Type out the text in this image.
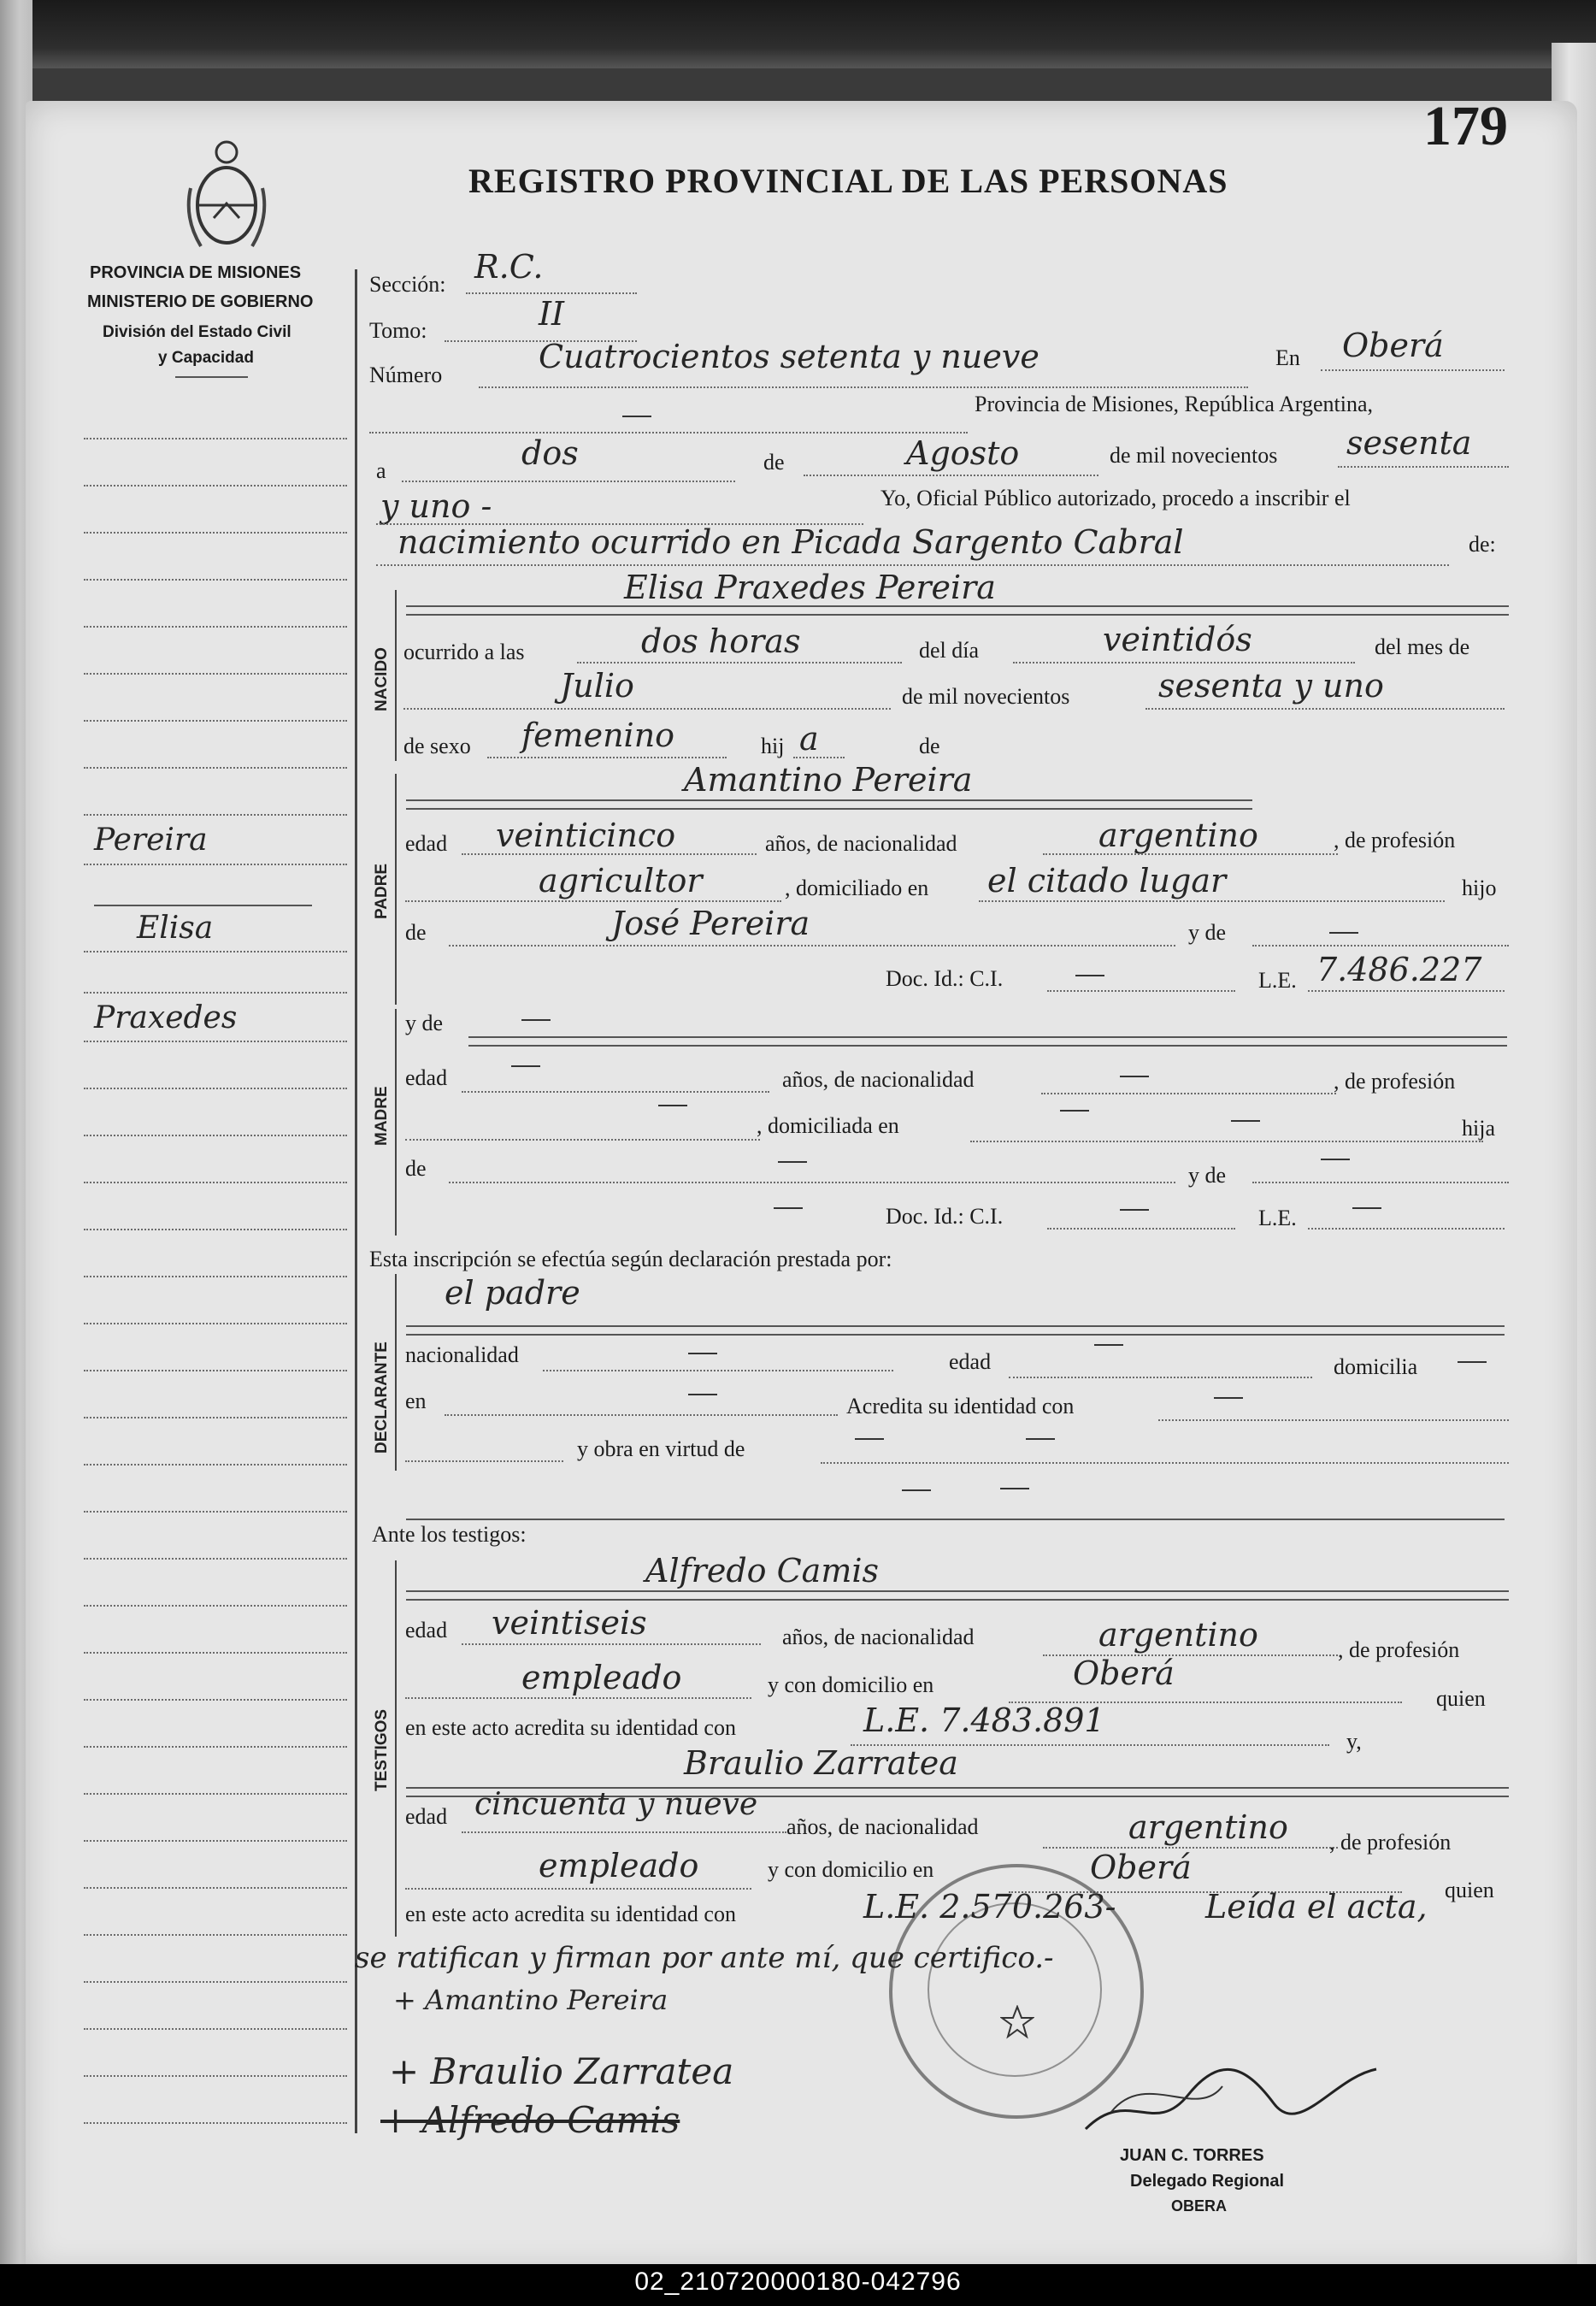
179
REGISTRO PROVINCIAL DE LAS PERSONAS
PROVINCIA DE MISIONES
MINISTERIO DE GOBIERNO
División del Estado Civil
y Capacidad
Pereira
Elisa
Praxedes
Sección: R.C.
Tomo:	II
Número	Cuatrocientos setenta y nueve	En Oberá
Provincia de Misiones, República Argentina,
a	dos	de	Agosto	de mil novecientos sesenta
y uno -	Yo, Oficial Público autorizado, procedo a inscribir el
nacimiento ocurrido en Picada Sargento Cabral	de:
NACIDO
Elisa Praxedes Pereira
ocurrido a las	dos horas	del día	veintidós	del mes de
Julio	de mil novecientos	sesenta y uno
de sexo femenino	hij a	de
PADRE
Amantino Pereira
edad veinticinco	años, de nacionalidad	argentino	, de profesión
agricultor	, domiciliado en el citado lugar	hijo
de	José Pereira	y de
Doc. Id.: C.I.	L.E. 7.486.227
MADRE
y de
edad	años, de nacionalidad	, de profesión
, domiciliada en	hija
de	y de
Doc. Id.: C.I.	L.E.
Esta inscripción se efectúa según declaración prestada por:
DECLARANTE
el padre
nacionalidad	edad	domicilia
en	Acredita su identidad con
y obra en virtud de
Ante los testigos:
TESTIGOS
Alfredo Camis
edad veintiseis	años, de nacionalidad	argentino	, de profesión
empleado	y con domicilio en	Oberá
quien
en este acto acredita su identidad con	L.E. 7.483.891
y,
Braulio Zarratea
edad cincuenta y nueve
años, de nacionalidad	argentino , de profesión
empleado	y con domicilio en	Oberá
quien
en este acto acredita su identidad con	L.E. 2.570.263-	Leída el acta,
se ratifican y firman por ante mí, que certifico.-
+ Amantino Pereira
+ Braulio Zarratea
+ Alfredo Camis
JUAN C. TORRES
Delegado Regional
OBERA
02_210720000180-042796
